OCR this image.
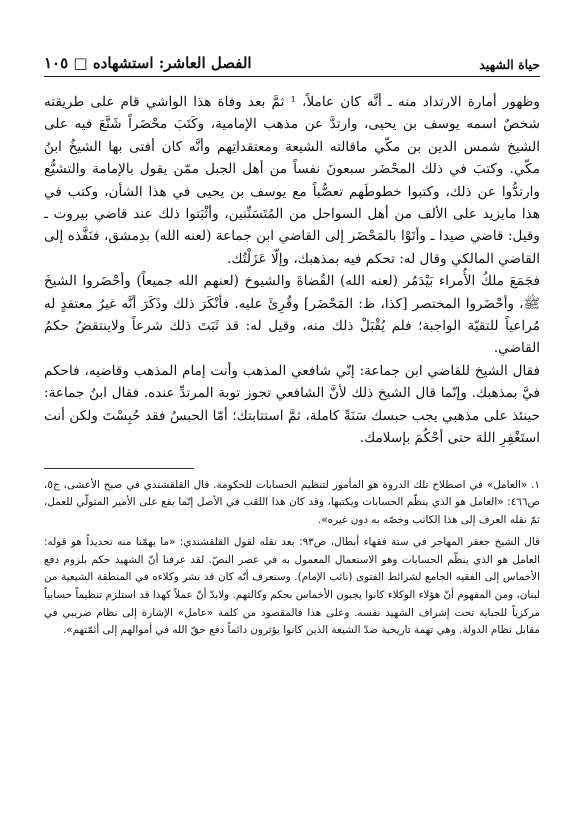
حياة الشهيد
الفصل العاشر: استشهاده □ ١٠٥

وظهور أمارة الارتداد منه ـ أنَّه كان عاملاً، ¹ ثمَّ بعد وفاة هذا الواشي قام على طريقته شخصٌ اسمه يوسف بن يحيى، وارتدَّ عن مذهب الإمامية، وكَتَبَ محْضَراً شَنَّعَ فيه على الشيخ شمس الدين بن مكّي ماقالته الشيعة ومعتقداتِهم وأنَّه كان أفتى بها الشيخُ ابنُ مكّي. وكتبَ في ذلك المحْضَر سبعونَ نفساً من أهل الجبل ممّن يقول بالإمامة والتشيُّع وارتدُّوا عن ذلك، وكتبوا خطوطَهم تعصُّباً مع يوسف بن يحيى في هذا الشأن، وكتب في هذا مايزيد على الألف من أهل السواحل من المُتَسَنِّنين، وأثْبَتوا ذلك عند قاضي بيروت ـ وقيل: قاضي صيدا ـ وأتَوْا بالمَحْضَر إلى القاضي ابن جماعة (لعنه الله) بدِمشق، فنَفَّذه إلى القاضي المالكي وقال له: تحكم فيه بمذهبك، وإلّا عَزَلْتُك.

فجَمَعَ ملكُ الأُمراء بَيْدَمُر (لعنه الله) القُضاةَ والشيوخ (لعنهم الله جميعاً) وأحْضَروا الشيخَ ﷺ، وأحْضَروا المختصر [كذا، ظ: المَحْضَر] وقُرِئَ عليه. فأنْكَرَ ذلك وذَكَرَ أنَّه غيرُ معتقدٍ له مُراعياً للتقيّة الواجبة؛ فلم يُقْبَلْ ذلك منه، وقيل له: قد ثَبَتَ ذلك شرعاً ولاينتقضُ حكمُ القاضي.

فقال الشيخ للقاضي ابن جماعة: إنّي شافعي المذهب وأنت إمام المذهب وقاضيه، فاحكم فيَّ بمذهبك. وإنّما قال الشيخ ذلك لأنَّ الشافعي تجوز توبة المرتدِّ عنده. فقال ابنُ جماعة: حينئذ على مذهبي يجب حبسك سَنَةً كاملة، ثمَّ استتابتك؛ أمّا الحبسُ فقد حُبِسْتَ ولكن أنت استَغْفِرِ اللهَ حتى أحْكُمَ بإسلامك.

١. «العامل» في اصطلاح تلك الدروة هو المأمور لتنظيم الحسابات للحكومة. قال القلقشندي في صبح الأعشى، ج٥، ص٤٦٦: «العامل هو الذي ينظّم الحسابات ويكتبها، وقد كان هذا اللقب في الأصل إنّما يقع على الأمير المتولّي للعمل، ثمّ نقله العرف إلى هذا الكاتب وخصّه به دون غيره».

قال الشيخ جعفر المهاجر في ستة فقهاء أبطال، ص٩٣: بعد نقله لقول القلقشندي: «ما يهمّنا منه تحديداً هو قوله: العامل هو الذي ينظّم الحسابات وهو الاستعمال المعمول به في عصر النصّ. لقد عرفنا أنّ الشهيد حكم بلزوم دفع الأخماس إلى الفقيه الجامع لشرائط الفتوى (نائب الإمام). وسنعرف أنّه كان قد نشر وكلاءه في المنطقة الشيعية من لبنان، ومن المفهوم أنّ هؤلاء الوكلاء كانوا يجبون الأخماس بحكم وكالتهم. ولابدّ أنّ عملاً كهذا قد استلزم تنظيماً حسابياً مركزياً للجباية تحت إشراف الشهيد نفسه. وعلى هذا فالمقصود من كلمة «عامل» الإشارة إلى نظام ضريبي في مقابل نظام الدولة. وهي تهمة تاريخية ضدّ الشيعة الذين كانوا يؤثرون دائماً دفع حقّ الله في أموالهم إلى أئمّتهم».
